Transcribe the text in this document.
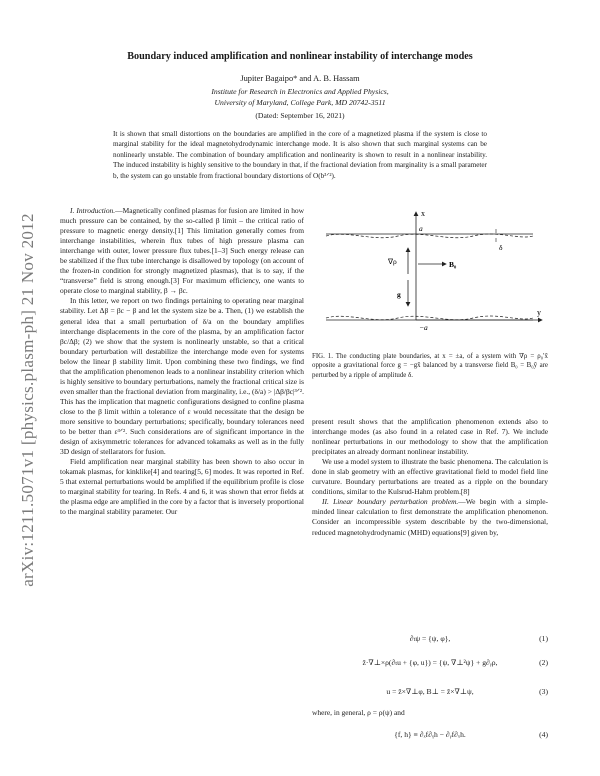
arXiv:1211.5071v1 [physics.plasm-ph] 21 Nov 2012
Boundary induced amplification and nonlinear instability of interchange modes
Jupiter Bagaipo* and A. B. Hassam
Institute for Research in Electronics and Applied Physics,
University of Maryland, College Park, MD 20742-3511
(Dated: September 16, 2021)
It is shown that small distortions on the boundaries are amplified in the core of a magnetized plasma if the system is close to marginal stability for the ideal magnetohydrodynamic interchange mode. It is also shown that such marginal systems can be nonlinearly unstable. The combination of boundary amplification and nonlinearity is shown to result in a nonlinear instability. The induced instability is highly sensitive to the boundary in that, if the fractional deviation from marginality is a small parameter b, the system can go unstable from fractional boundary distortions of O(b³ᐟ²).

I. Introduction.—Magnetically confined plasmas for fusion are limited in how much pressure can be contained, by the so-called β limit – the critical ratio of pressure to magnetic energy density.[1] This limitation generally comes from interchange instabilities, wherein flux tubes of high pressure plasma can interchange with outer, lower pressure flux tubes.[1–3] Such energy release can be stabilized if the flux tube interchange is disallowed by topology (on account of the frozen-in condition for strongly magnetized plasmas), that is to say, if the “transverse” field is strong enough.[3] For maximum efficiency, one wants to operate close to marginal stability, β → βc.

In this letter, we report on two findings pertaining to operating near marginal stability. Let Δβ = βc − β and let the system size be a. Then, (1) we establish the general idea that a small perturbation of δ/a on the boundary amplifies interchange displacements in the core of the plasma, by an amplification factor βc/Δβ; (2) we show that the system is nonlinearly unstable, so that a critical boundary perturbation will destabilize the interchange mode even for systems below the linear β stability limit. Upon combining these two findings, we find that the amplification phenomenon leads to a nonlinear instability criterion which is highly sensitive to boundary perturbations, namely the fractional critical size is even smaller than the fractional deviation from marginality, i.e., (δ/a) > |Δβ/βc|³ᐟ². This has the implication that magnetic configurations designed to confine plasma close to the β limit within a tolerance of ε would necessitate that the design be more sensitive to boundary perturbations; specifically, boundary tolerances need to be better than ε³ᐟ². Such considerations are of significant importance in the design of axisymmetric tolerances for advanced tokamaks as well as in the fully 3D design of stellarators for fusion.

Field amplification near marginal stability has been shown to also occur in tokamak plasmas, for kinklike[4] and tearing[5, 6] modes. It was reported in Ref. 5 that external perturbations would be amplified if the equilibrium profile is close to marginal stability for tearing. In Refs. 4 and 6, it was shown that error fields at the plasma edge are amplified in the core by a factor that is inversely proportional to the marginal stability parameter. Our

x
a
δ
∇ρ	B₀
g
−a
y
FIG. 1. The conducting plate boundaries, at x = ±a, of a system with ∇ρ = ρ₀′x̂ opposite a gravitational force g = −gx̂ balanced by a transverse field B₀ = B₀ŷ are perturbed by a ripple of amplitude δ.

present result shows that the amplification phenomenon extends also to interchange modes (as also found in a related case in Ref. 7). We include nonlinear perturbations in our methodology to show that the amplification precipitates an already dormant nonlinear instability.

We use a model system to illustrate the basic phenomena. The calculation is done in slab geometry with an effective gravitational field to model field line curvature. Boundary perturbations are treated as a ripple on the boundary conditions, similar to the Kulsrud-Hahm problem.[8]

II. Linear boundary perturbation problem.—We begin with a simple-minded linear calculation to first demonstrate the amplification phenomenon. Consider an incompressible system describable by the two-dimensional, reduced magnetohydrodynamic (MHD) equations[9] given by,

∂ₜψ = {ψ, φ},	(1)
ẑ·∇⊥×ρ(∂ₜu + {φ, u}) = {ψ, ∇⊥²ψ} + g∂ᵧρ,	(2)
u = ẑ×∇⊥φ, B⊥ = ẑ×∇⊥ψ,	(3)

where, in general, ρ = ρ(ψ) and

{f, h} ≡ ∂ₓf∂ᵧh − ∂ᵧf∂ₓh.	(4)
